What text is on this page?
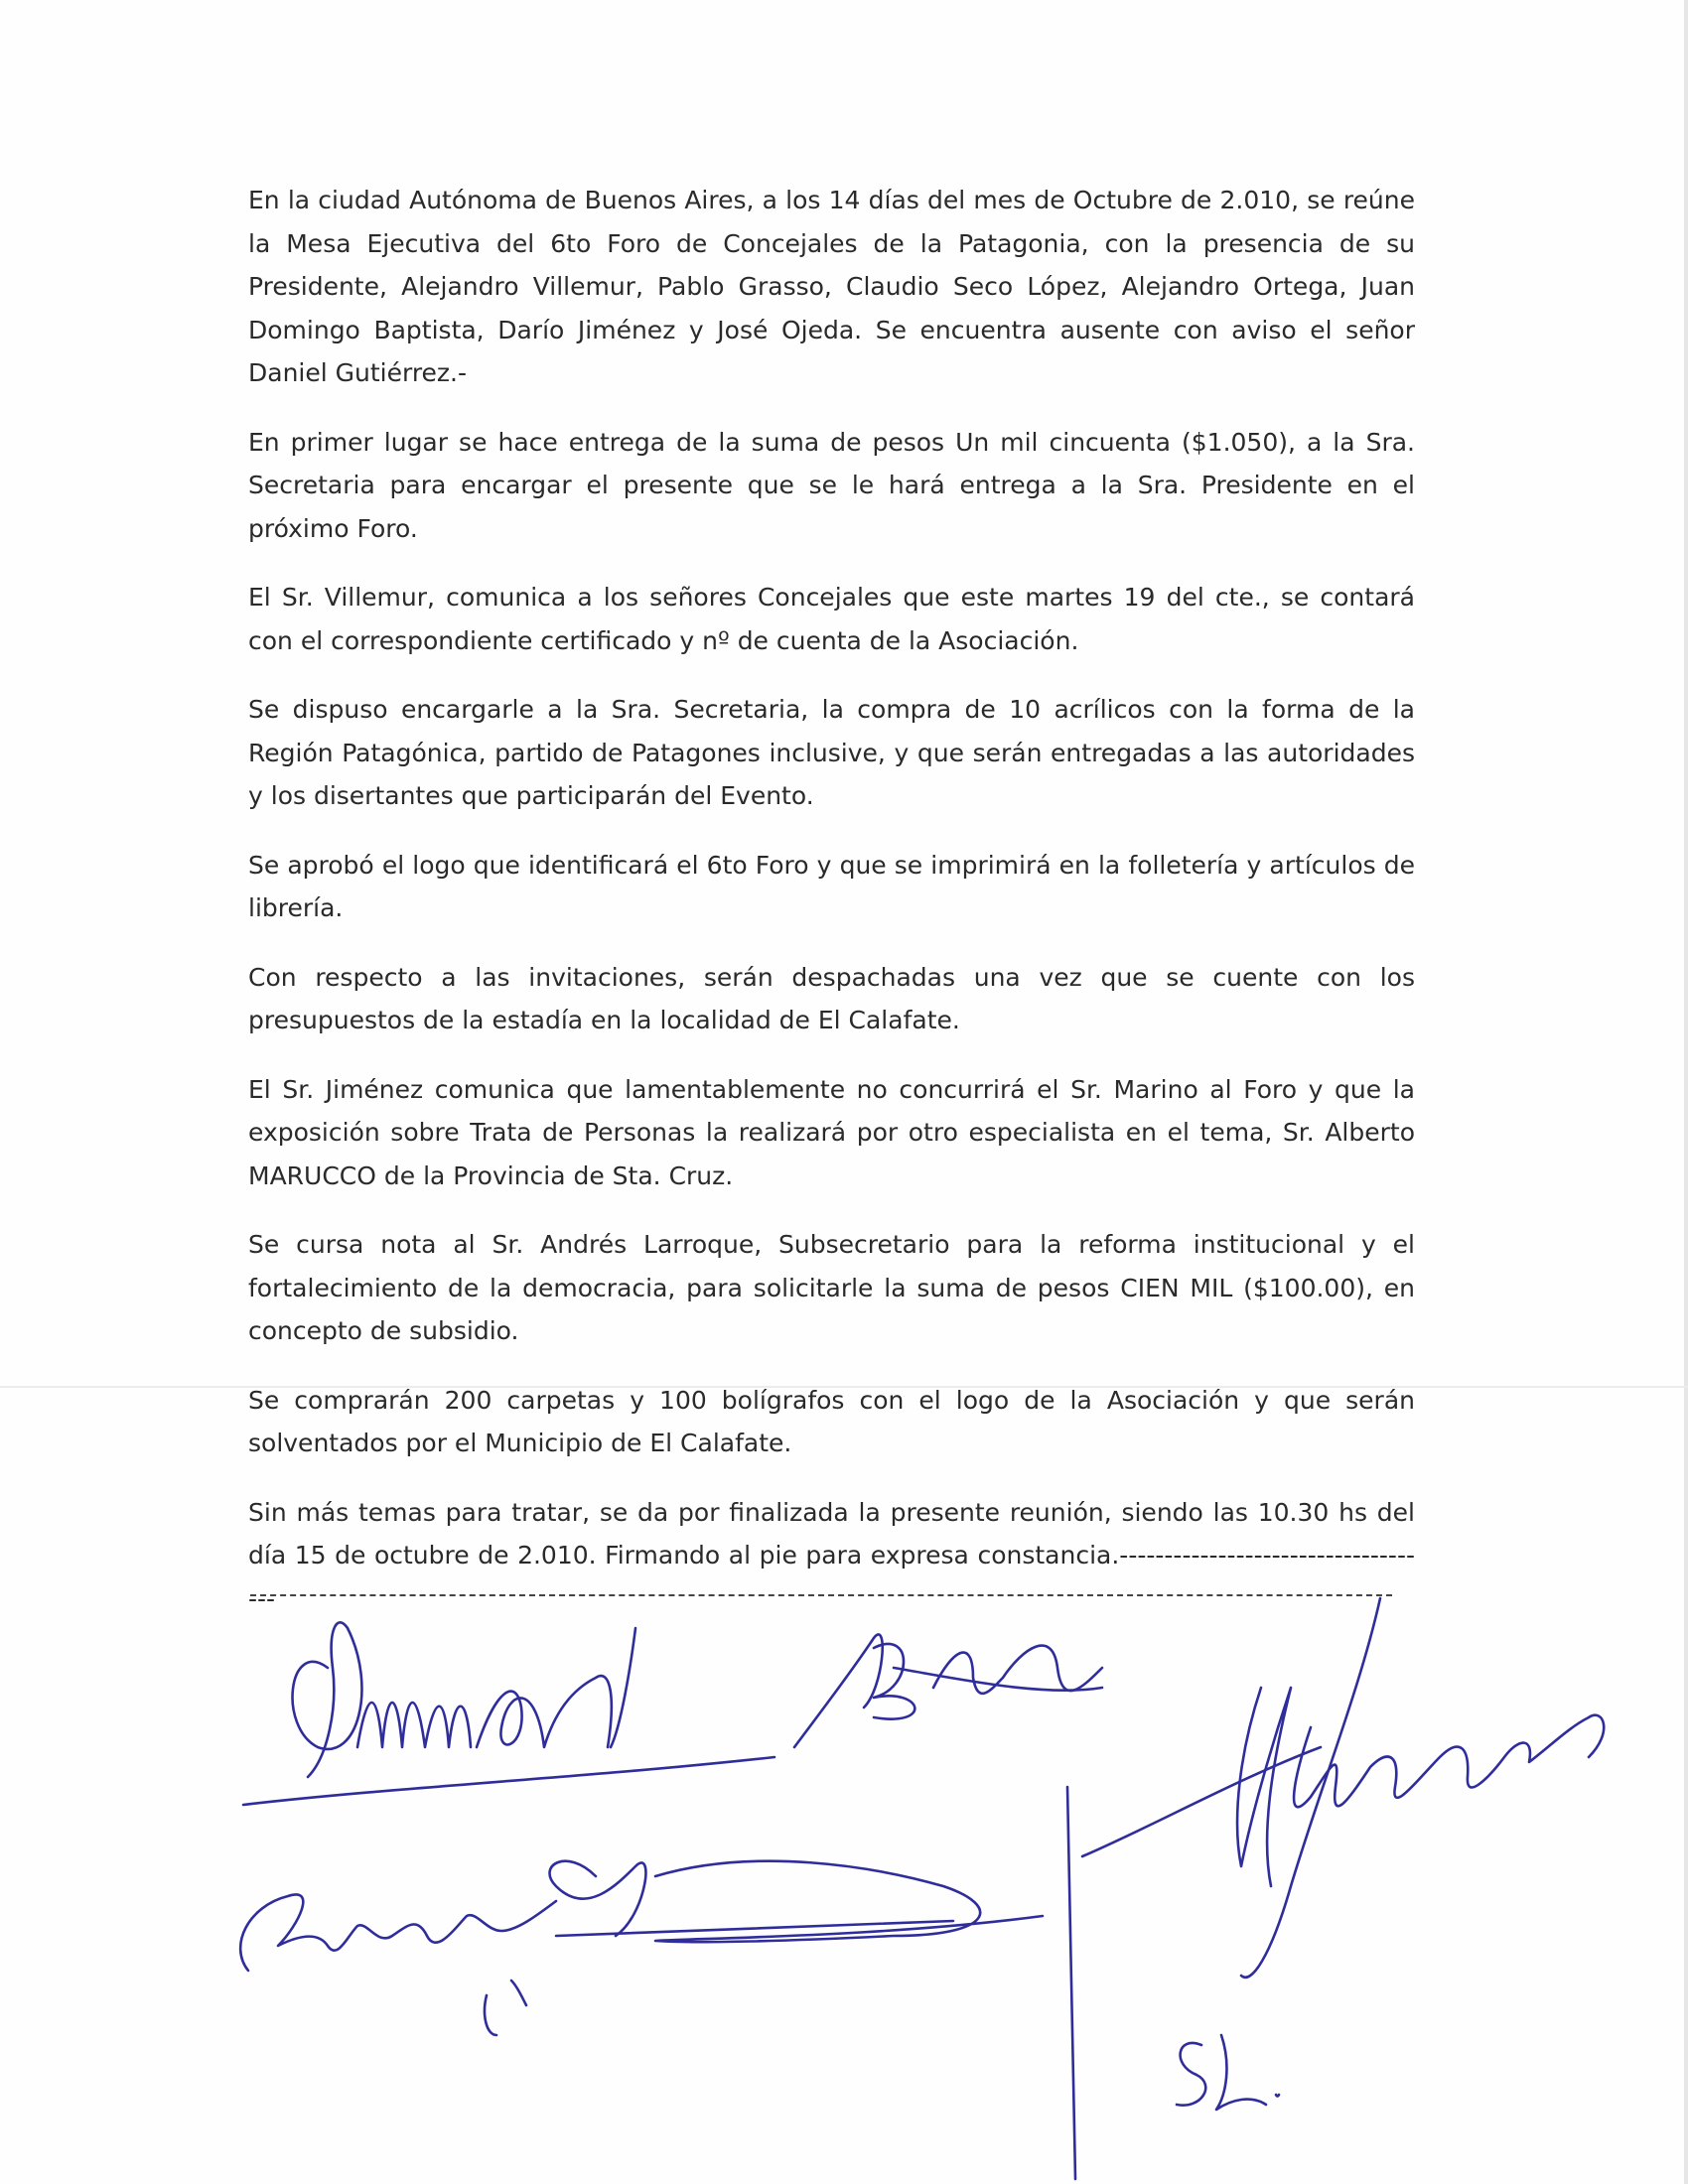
En la ciudad Autónoma de Buenos Aires, a los 14 días del mes de Octubre de 2.010, se reúne la Mesa Ejecutiva del 6to Foro de Concejales de la Patagonia, con la presencia de su Presidente, Alejandro Villemur, Pablo Grasso, Claudio Seco López, Alejandro Ortega, Juan Domingo Baptista, Darío Jiménez y José Ojeda. Se encuentra ausente con aviso el señor Daniel Gutiérrez.-

En primer lugar se hace entrega de la suma de pesos Un mil cincuenta ($1.050), a la Sra. Secretaria para encargar el presente que se le hará entrega a la Sra. Presidente en el próximo Foro.

El Sr. Villemur, comunica a los señores Concejales que este martes 19 del cte., se contará con el correspondiente certificado y nº de cuenta de la Asociación.

Se dispuso encargarle a la Sra. Secretaria, la compra de 10 acrílicos con la forma de la Región Patagónica, partido de Patagones inclusive, y que serán entregadas a las autoridades y los disertantes que participarán del Evento.

Se aprobó el logo que identificará el 6to Foro y que se imprimirá en la folletería y artículos de librería.

Con respecto a las invitaciones, serán despachadas una vez que se cuente con los presupuestos de la estadía en la localidad de El Calafate.

El Sr. Jiménez comunica que lamentablemente no concurrirá el Sr. Marino al Foro y que la exposición sobre Trata de Personas la realizará por otro especialista en el tema, Sr. Alberto MARUCCO de la Provincia de Sta. Cruz.

Se cursa nota al Sr. Andrés Larroque, Subsecretario para la reforma institucional y el fortalecimiento de la democracia, para solicitarle la suma de pesos CIEN MIL ($100.00), en concepto de subsidio.

Se comprarán 200 carpetas y 100 bolígrafos con el logo de la Asociación y que serán solventados por el Municipio de El Calafate.

Sin más temas para tratar, se da por finalizada la presente reunión, siendo las 10.30 hs del día 15 de octubre de 2.010. Firmando al pie para expresa constancia.------------------------------------
